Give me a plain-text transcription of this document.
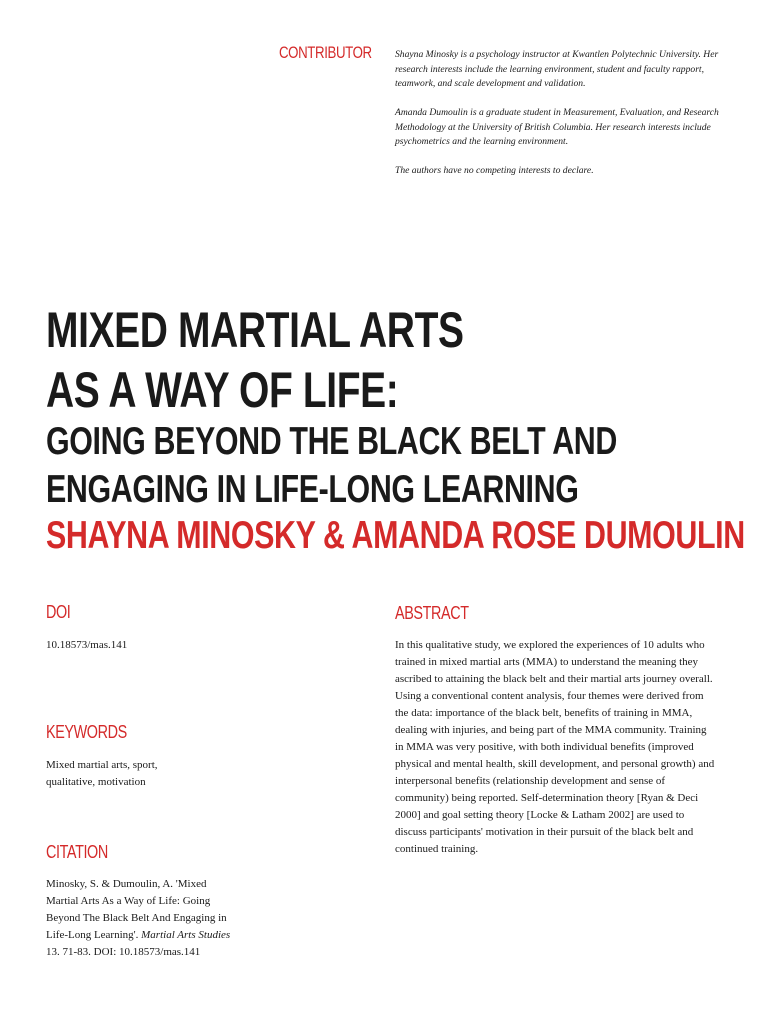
CONTRIBUTOR Shayna Minosky is a psychology instructor at Kwantlen Polytechnic University. Her research interests include the learning environment, student and faculty rapport, teamwork, and scale development and validation.

Amanda Dumoulin is a graduate student in Measurement, Evaluation, and Research Methodology at the University of British Columbia. Her research interests include psychometrics and the learning environment.

The authors have no competing interests to declare.

MIXED MARTIAL ARTS
AS A WAY OF LIFE:
GOING BEYOND THE BLACK BELT AND
ENGAGING IN LIFE-LONG LEARNING
SHAYNA MINOSKY & AMANDA ROSE DUMOULIN
DOI
10.18573/mas.141
KEYWORDS
Mixed martial arts, sport, qualitative, motivation
CITATION
Minosky, S. & Dumoulin, A. 'Mixed Martial Arts As a Way of Life: Going Beyond The Black Belt And Engaging in Life-Long Learning'. Martial Arts Studies 13. 71-83. DOI: 10.18573/mas.141
ABSTRACT
In this qualitative study, we explored the experiences of 10 adults who trained in mixed martial arts (MMA) to understand the meaning they ascribed to attaining the black belt and their martial arts journey overall. Using a conventional content analysis, four themes were derived from the data: importance of the black belt, benefits of training in MMA, dealing with injuries, and being part of the MMA community. Training in MMA was very positive, with both individual benefits (improved physical and mental health, skill development, and personal growth) and interpersonal benefits (relationship development and sense of community) being reported. Self-determination theory [Ryan & Deci 2000] and goal setting theory [Locke & Latham 2002] are used to discuss participants' motivation in their pursuit of the black belt and continued training.
